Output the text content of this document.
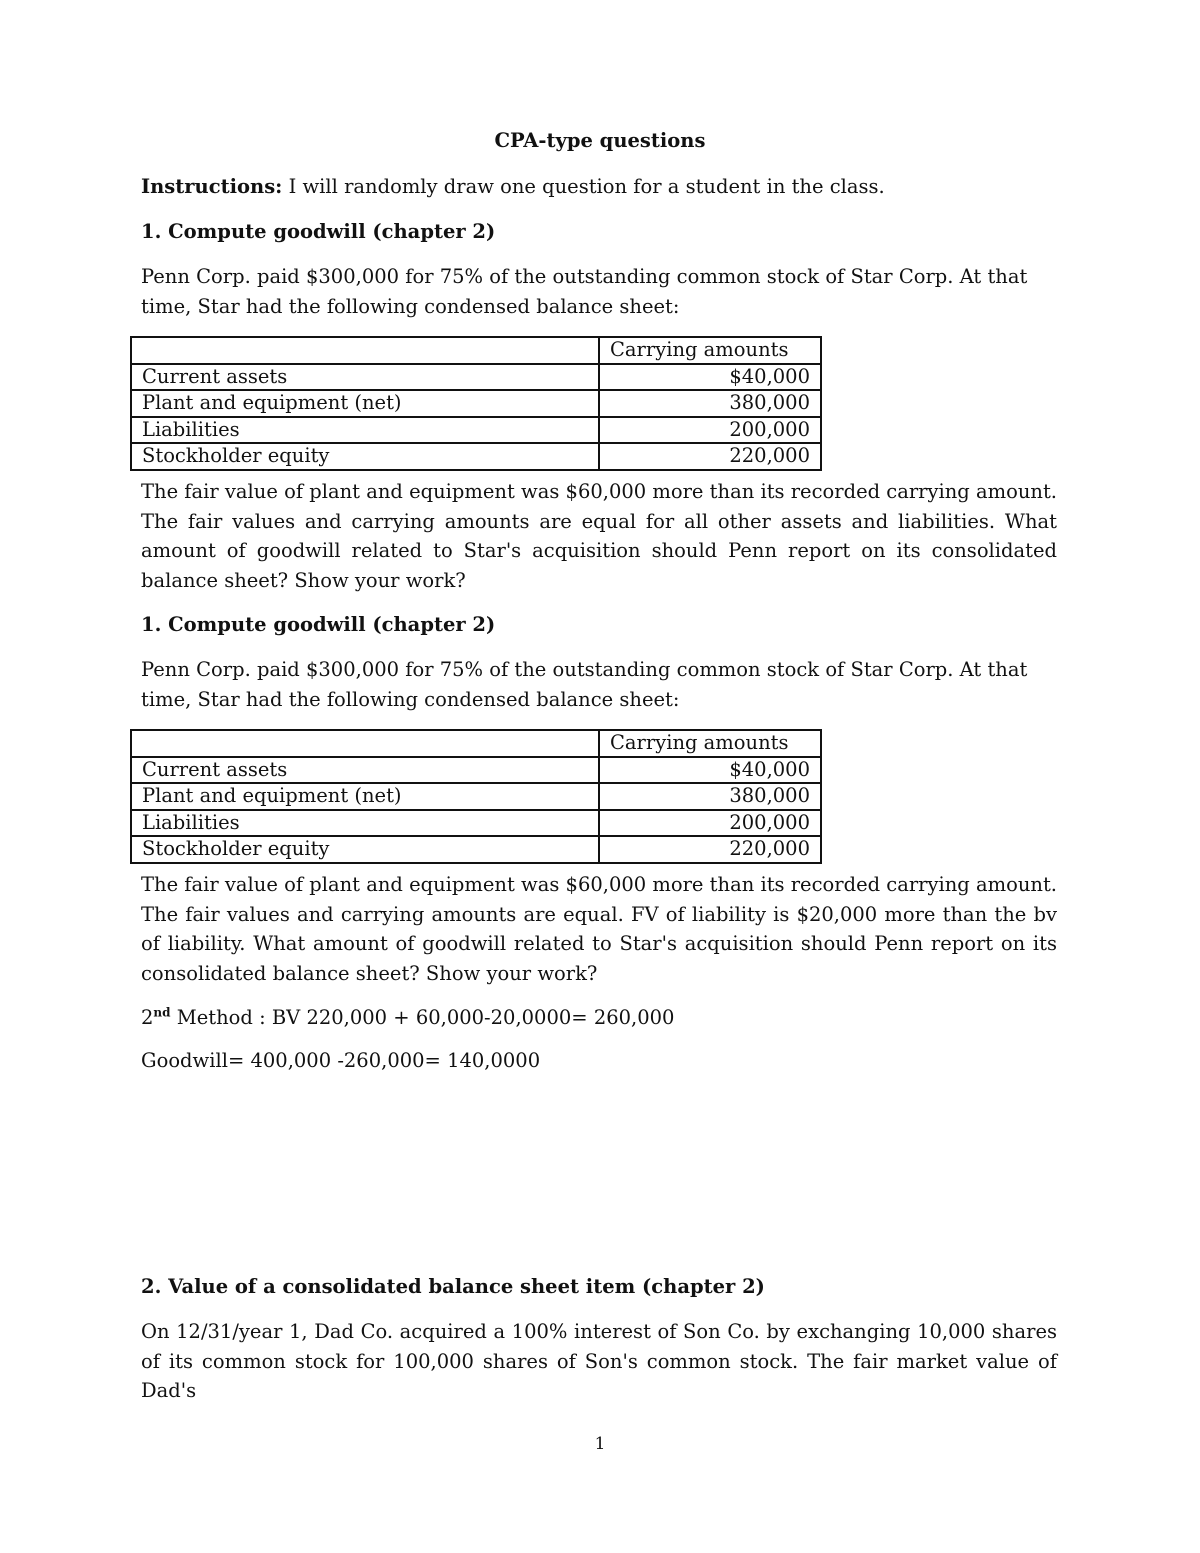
CPA-type questions
Instructions: I will randomly draw one question for a student in the class.
1. Compute goodwill (chapter 2)
Penn Corp. paid $300,000 for 75% of the outstanding common stock of Star Corp. At that time, Star had the following condensed balance sheet:
	Carrying amounts
Current assets	$40,000
Plant and equipment (net)	380,000
Liabilities	200,000
Stockholder equity	220,000
The fair value of plant and equipment was $60,000 more than its recorded carrying amount. The fair values and carrying amounts are equal for all other assets and liabilities. What amount of goodwill related to Star's acquisition should Penn report on its consolidated balance sheet? Show your work?
1. Compute goodwill (chapter 2)
Penn Corp. paid $300,000 for 75% of the outstanding common stock of Star Corp. At that time, Star had the following condensed balance sheet:
	Carrying amounts
Current assets	$40,000
Plant and equipment (net)	380,000
Liabilities	200,000
Stockholder equity	220,000
The fair value of plant and equipment was $60,000 more than its recorded carrying amount. The fair values and carrying amounts are equal. FV of liability is $20,000 more than the bv of liability. What amount of goodwill related to Star's acquisition should Penn report on its consolidated balance sheet? Show your work?
2nd Method : BV 220,000 + 60,000-20,0000= 260,000
Goodwill= 400,000 -260,000= 140,0000
2. Value of a consolidated balance sheet item (chapter 2)
On 12/31/year 1, Dad Co. acquired a 100% interest of Son Co. by exchanging 10,000 shares of its common stock for 100,000 shares of Son's common stock. The fair market value of Dad's
1
